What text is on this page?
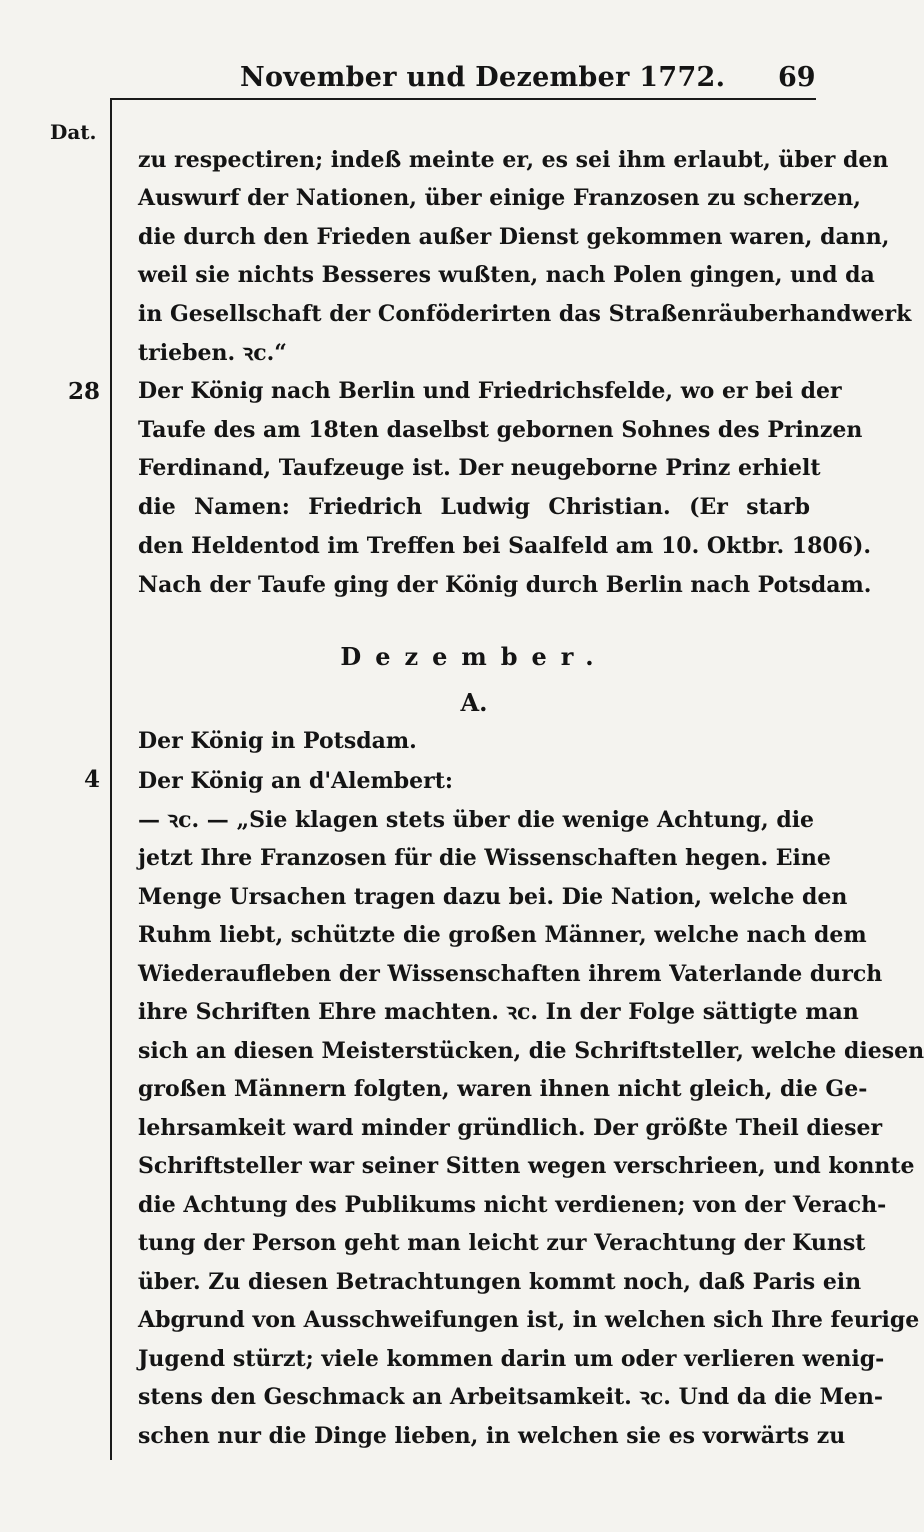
November und Dezember 1772. 69
Dat.
zu respectiren; indeß meinte er, es sei ihm erlaubt, über den
Auswurf der Nationen, über einige Franzosen zu scherzen,
die durch den Frieden außer Dienst gekommen waren, dann,
weil sie nichts Besseres wußten, nach Polen gingen, und da
in Gesellschaft der Conföderirten das Straßenräuberhandwerk
trieben. ꝛc.“
28 Der König nach Berlin und Friedrichsfelde, wo er bei der
Taufe des am 18ten daselbst gebornen Sohnes des Prinzen
Ferdinand, Taufzeuge ist. Der neugeborne Prinz erhielt
die Namen: Friedrich Ludwig Christian. (Er starb
den Heldentod im Treffen bei Saalfeld am 10. Oktbr. 1806).
Nach der Taufe ging der König durch Berlin nach Potsdam.
Dezember.
A.
Der König in Potsdam.
4 Der König an d'Alembert:
— ꝛc. — „Sie klagen stets über die wenige Achtung, die
jetzt Ihre Franzosen für die Wissenschaften hegen. Eine
Menge Ursachen tragen dazu bei. Die Nation, welche den
Ruhm liebt, schützte die großen Männer, welche nach dem
Wiederaufleben der Wissenschaften ihrem Vaterlande durch
ihre Schriften Ehre machten. ꝛc. In der Folge sättigte man
sich an diesen Meisterstücken, die Schriftsteller, welche diesen
großen Männern folgten, waren ihnen nicht gleich, die Ge-
lehrsamkeit ward minder gründlich. Der größte Theil dieser
Schriftsteller war seiner Sitten wegen verschrieen, und konnte
die Achtung des Publikums nicht verdienen; von der Verach-
tung der Person geht man leicht zur Verachtung der Kunst
über. Zu diesen Betrachtungen kommt noch, daß Paris ein
Abgrund von Ausschweifungen ist, in welchen sich Ihre feurige
Jugend stürzt; viele kommen darin um oder verlieren wenig-
stens den Geschmack an Arbeitsamkeit. ꝛc. Und da die Men-
schen nur die Dinge lieben, in welchen sie es vorwärts zu
